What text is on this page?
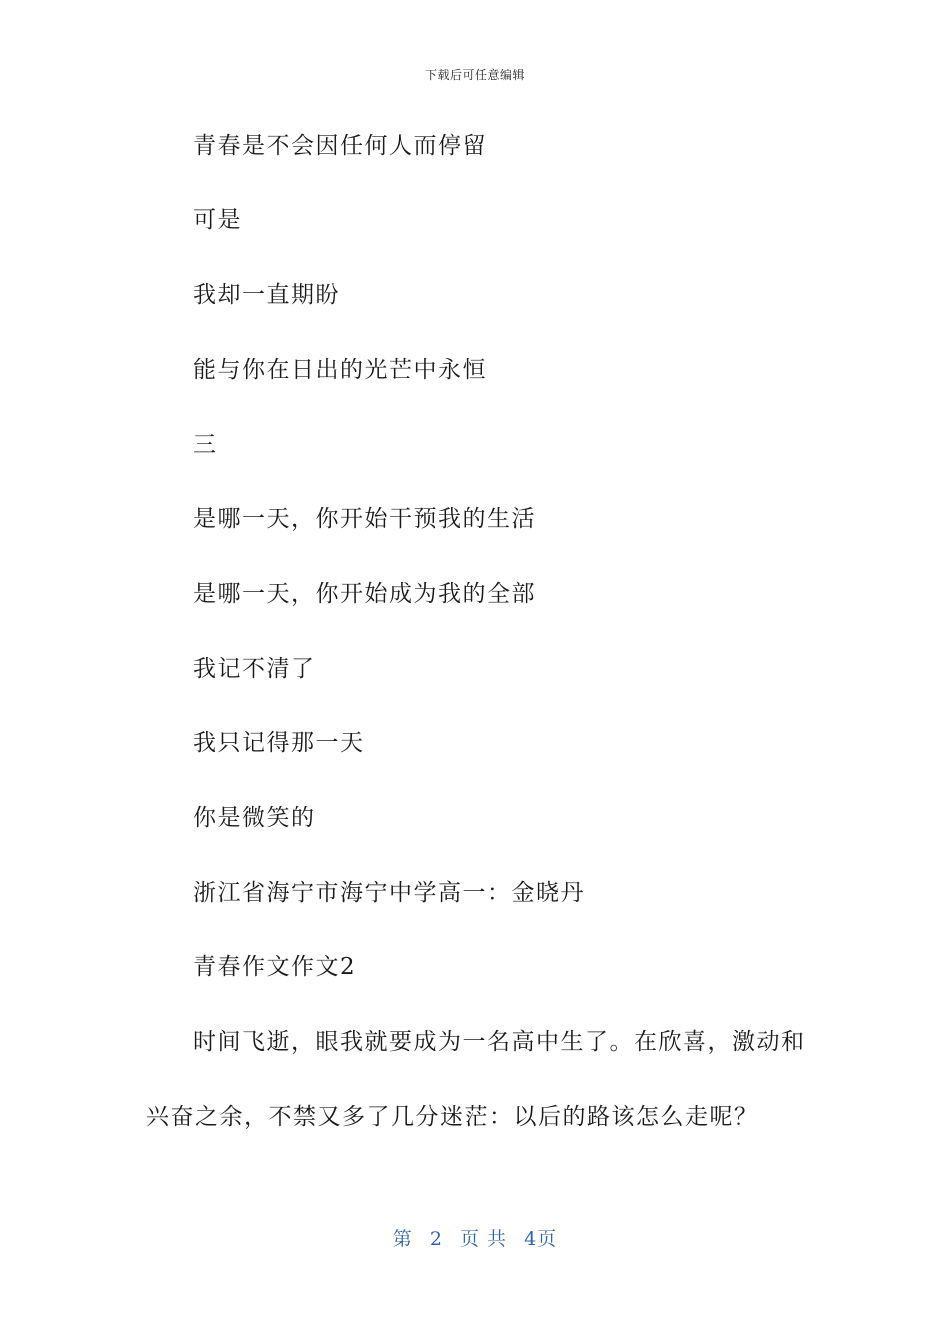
下载后可任意编辑
青春是不会因任何人而停留
可是
我却一直期盼
能与你在日出的光芒中永恒
三
是哪一天，你开始干预我的生活
是哪一天，你开始成为我的全部
我记不清了
我只记得那一天
你是微笑的
浙江省海宁市海宁中学高一：金晓丹
青春作文作文2
时间飞逝，眼我就要成为一名高中生了。在欣喜，激动和
兴奋之余，不禁又多了几分迷茫：以后的路该怎么走呢？
第 2 页 共 4页
